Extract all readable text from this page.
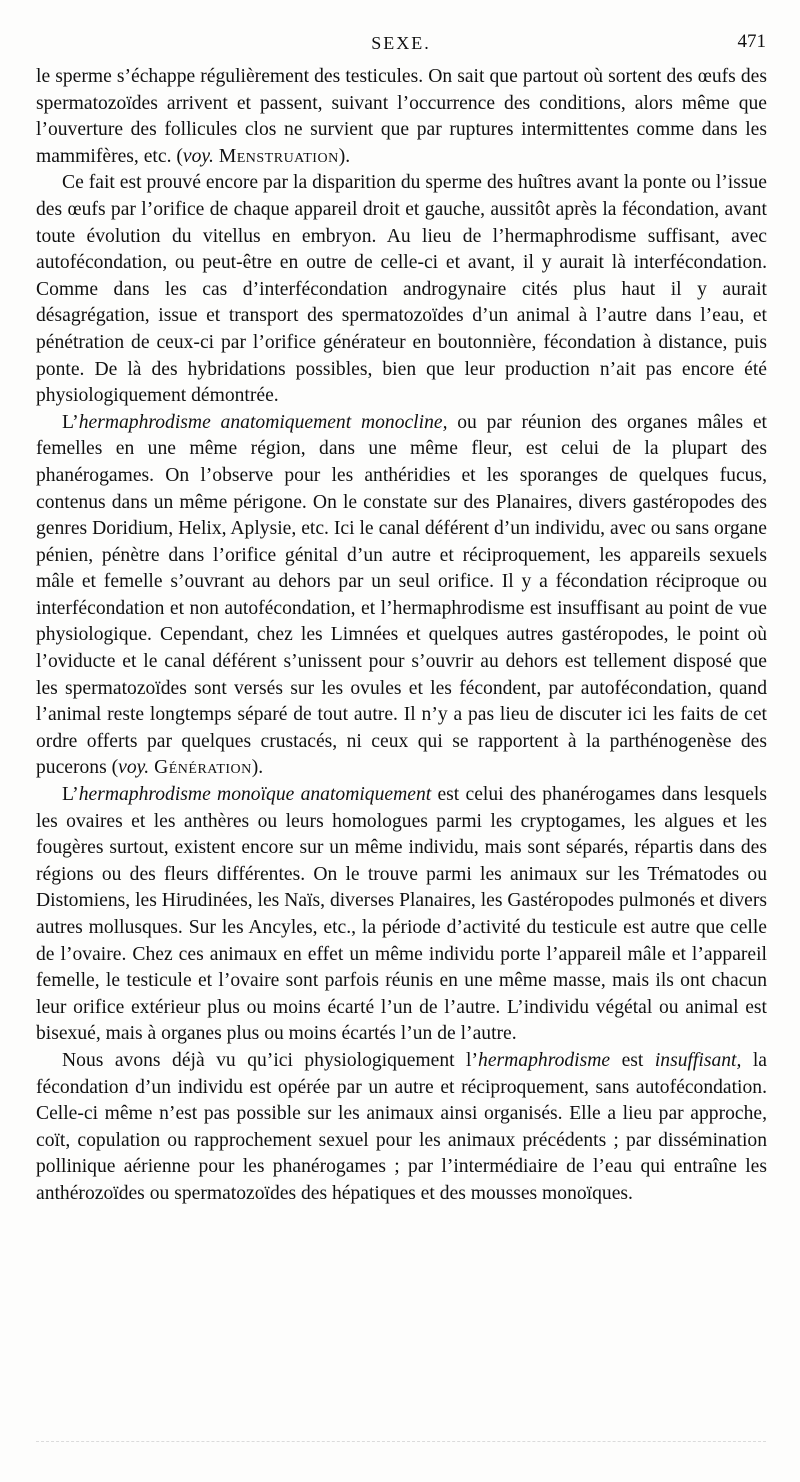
SEXE.	471

le sperme s’échappe régulièrement des testicules. On sait que partout où sortent des œufs des spermatozoïdes arrivent et passent, suivant l’occurrence des conditions, alors même que l’ouverture des follicules clos ne survient que par ruptures intermittentes comme dans les mammifères, etc. (voy. Menstruation).

Ce fait est prouvé encore par la disparition du sperme des huîtres avant la ponte ou l’issue des œufs par l’orifice de chaque appareil droit et gauche, aussitôt après la fécondation, avant toute évolution du vitellus en embryon. Au lieu de l’hermaphrodisme suffisant, avec autofécondation, ou peut-être en outre de celle-ci et avant, il y aurait là interfécondation. Comme dans les cas d’interfécondation androgynaire cités plus haut il y aurait désagrégation, issue et transport des spermatozoïdes d’un animal à l’autre dans l’eau, et pénétration de ceux-ci par l’orifice générateur en boutonnière, fécondation à distance, puis ponte. De là des hybridations possibles, bien que leur production n’ait pas encore été physiologiquement démontrée.

L’hermaphrodisme anatomiquement monocline, ou par réunion des organes mâles et femelles en une même région, dans une même fleur, est celui de la plupart des phanérogames. On l’observe pour les anthéridies et les sporanges de quelques fucus, contenus dans un même périgone. On le constate sur des Planaires, divers gastéropodes des genres Doridium, Helix, Aplysie, etc. Ici le canal déférent d’un individu, avec ou sans organe pénien, pénètre dans l’orifice génital d’un autre et réciproquement, les appareils sexuels mâle et femelle s’ouvrant au dehors par un seul orifice. Il y a fécondation réciproque ou interfécondation et non autofécondation, et l’hermaphrodisme est insuffisant au point de vue physiologique. Cependant, chez les Limnées et quelques autres gastéropodes, le point où l’oviducte et le canal déférent s’unissent pour s’ouvrir au dehors est tellement disposé que les spermatozoïdes sont versés sur les ovules et les fécondent, par autofécondation, quand l’animal reste longtemps séparé de tout autre. Il n’y a pas lieu de discuter ici les faits de cet ordre offerts par quelques crustacés, ni ceux qui se rapportent à la parthénogenèse des pucerons (voy. Génération).

L’hermaphrodisme monoïque anatomiquement est celui des phanérogames dans lesquels les ovaires et les anthères ou leurs homologues parmi les cryptogames, les algues et les fougères surtout, existent encore sur un même individu, mais sont séparés, répartis dans des régions ou des fleurs différentes. On le trouve parmi les animaux sur les Trématodes ou Distomiens, les Hirudinées, les Naïs, diverses Planaires, les Gastéropodes pulmonés et divers autres mollusques. Sur les Ancyles, etc., la période d’activité du testicule est autre que celle de l’ovaire. Chez ces animaux en effet un même individu porte l’appareil mâle et l’appareil femelle, le testicule et l’ovaire sont parfois réunis en une même masse, mais ils ont chacun leur orifice extérieur plus ou moins écarté l’un de l’autre. L’individu végétal ou animal est bisexué, mais à organes plus ou moins écartés l’un de l’autre.

Nous avons déjà vu qu’ici physiologiquement l’hermaphrodisme est insuffisant, la fécondation d’un individu est opérée par un autre et réciproquement, sans autofécondation. Celle-ci même n’est pas possible sur les animaux ainsi organisés. Elle a lieu par approche, coït, copulation ou rapprochement sexuel pour les animaux précédents ; par dissémination pollinique aérienne pour les phanérogames ; par l’intermédiaire de l’eau qui entraîne les anthérozoïdes ou spermatozoïdes des hépatiques et des mousses monoïques.
